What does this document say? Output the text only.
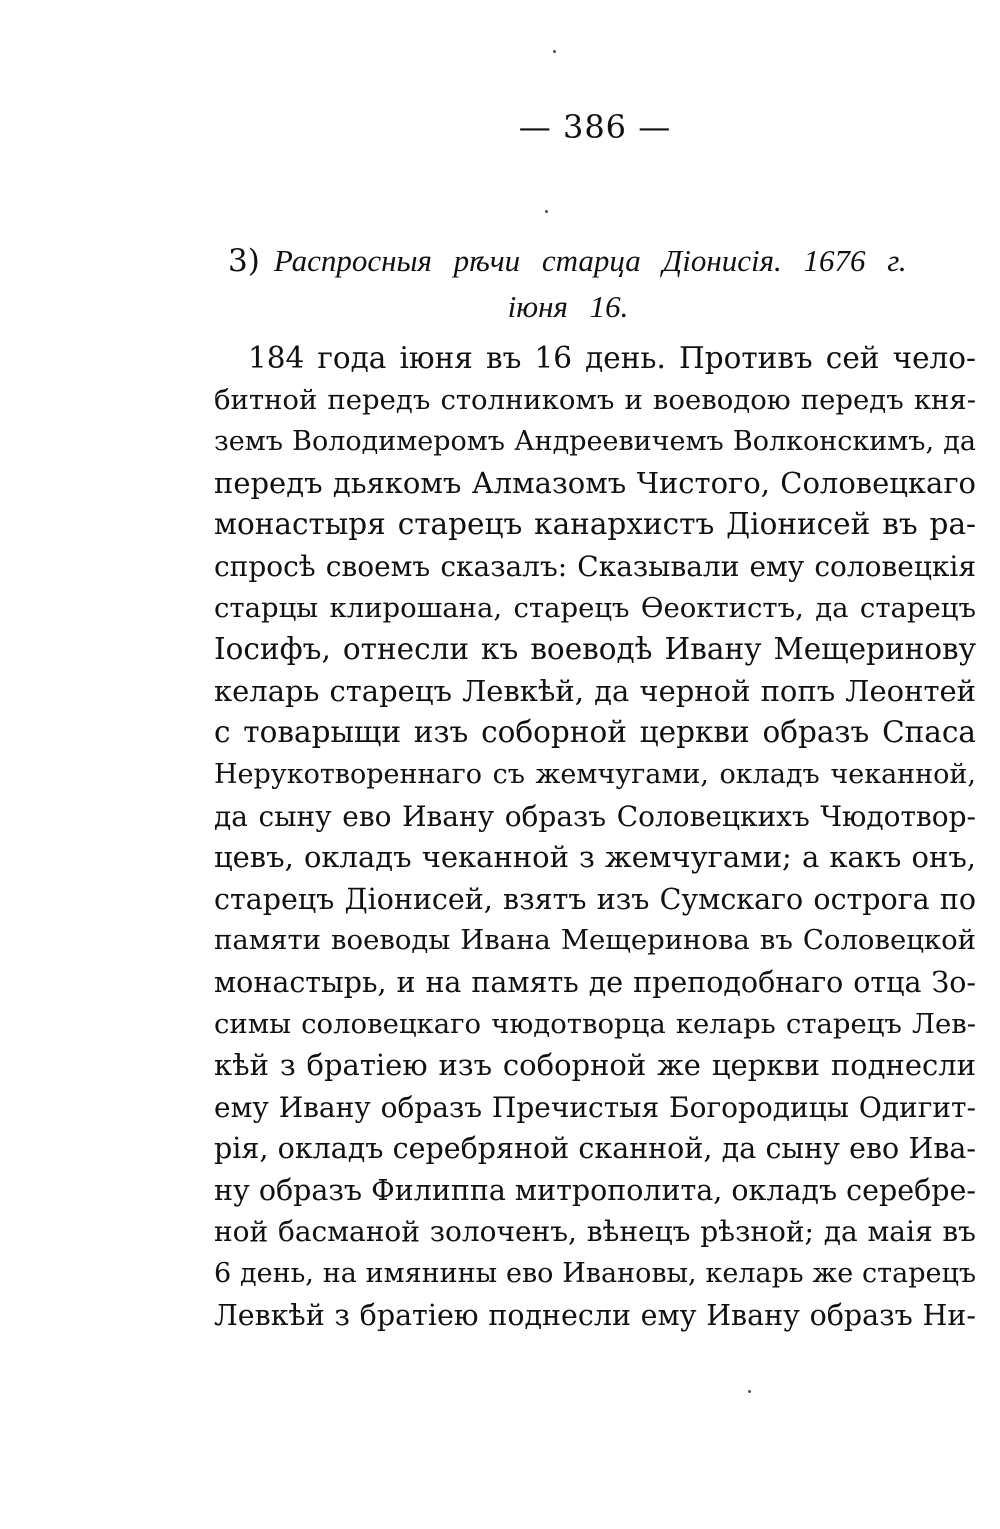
— 386 —
3) Распросныя рѣчи старца Діонисія. 1676 г.
іюня 16.
184 года іюня въ 16 день. Противъ сей чело-
битной передъ столникомъ и воеводою передъ кня-
земъ Володимеромъ Андреевичемъ Волконскимъ, да
передъ дьякомъ Алмазомъ Чистого, Соловецкаго
монастыря старецъ канархистъ Діонисей въ ра-
спросѣ своемъ сказалъ: Сказывали ему соловецкія
старцы клирошана, старецъ Ѳеоктистъ, да старецъ
Іосифъ, отнесли къ воеводѣ Ивану Мещеринову
келарь старецъ Левкѣй, да черной попъ Леонтей
с товарыщи изъ соборной церкви образъ Спаса
Нерукотвореннаго съ жемчугами, окладъ чеканной,
да сыну ево Ивану образъ Соловецкихъ Чюдотвор-
цевъ, окладъ чеканной з жемчугами; а какъ онъ,
старецъ Діонисей, взятъ изъ Сумскаго острога по
памяти воеводы Ивана Мещеринова въ Соловецкой
монастырь, и на память де преподобнаго отца Зо-
симы соловецкаго чюдотворца келарь старецъ Лев-
кѣй з братіею изъ соборной же церкви поднесли
ему Ивану образъ Пречистыя Богородицы Одигит-
рія, окладъ серебряной сканной, да сыну ево Ива-
ну образъ Филиппа митрополита, окладъ серебре-
ной басманой золоченъ, вѣнецъ рѣзной; да маія въ
6 день, на имянины ево Ивановы, келарь же старецъ
Левкѣй з братіею поднесли ему Ивану образъ Ни-
